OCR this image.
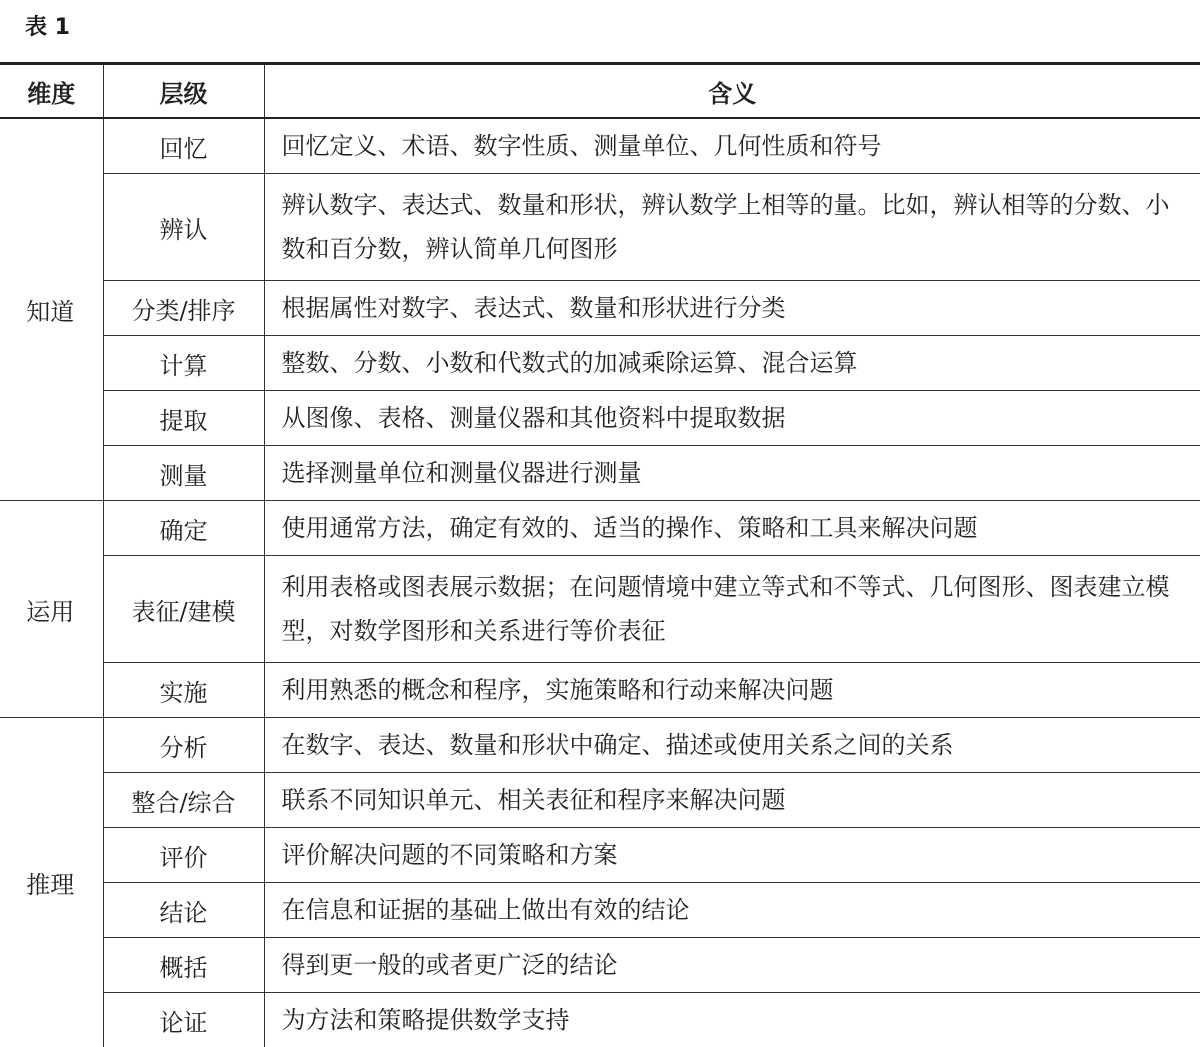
表 1
维度	层级	含义
知道	回忆	回忆定义、术语、数字性质、测量单位、几何性质和符号
	辨认	辨认数字、表达式、数量和形状，辨认数学上相等的量。比如，辨认相等的分数、小数和百分数，辨认简单几何图形
	分类/排序	根据属性对数字、表达式、数量和形状进行分类
	计算	整数、分数、小数和代数式的加减乘除运算、混合运算
	提取	从图像、表格、测量仪器和其他资料中提取数据
	测量	选择测量单位和测量仪器进行测量
运用	确定	使用通常方法，确定有效的、适当的操作、策略和工具来解决问题
	表征/建模	利用表格或图表展示数据；在问题情境中建立等式和不等式、几何图形、图表建立模型，对数学图形和关系进行等价表征
	实施	利用熟悉的概念和程序，实施策略和行动来解决问题
推理	分析	在数字、表达、数量和形状中确定、描述或使用关系之间的关系
	整合/综合	联系不同知识单元、相关表征和程序来解决问题
	评价	评价解决问题的不同策略和方案
	结论	在信息和证据的基础上做出有效的结论
	概括	得到更一般的或者更广泛的结论
	论证	为方法和策略提供数学支持
